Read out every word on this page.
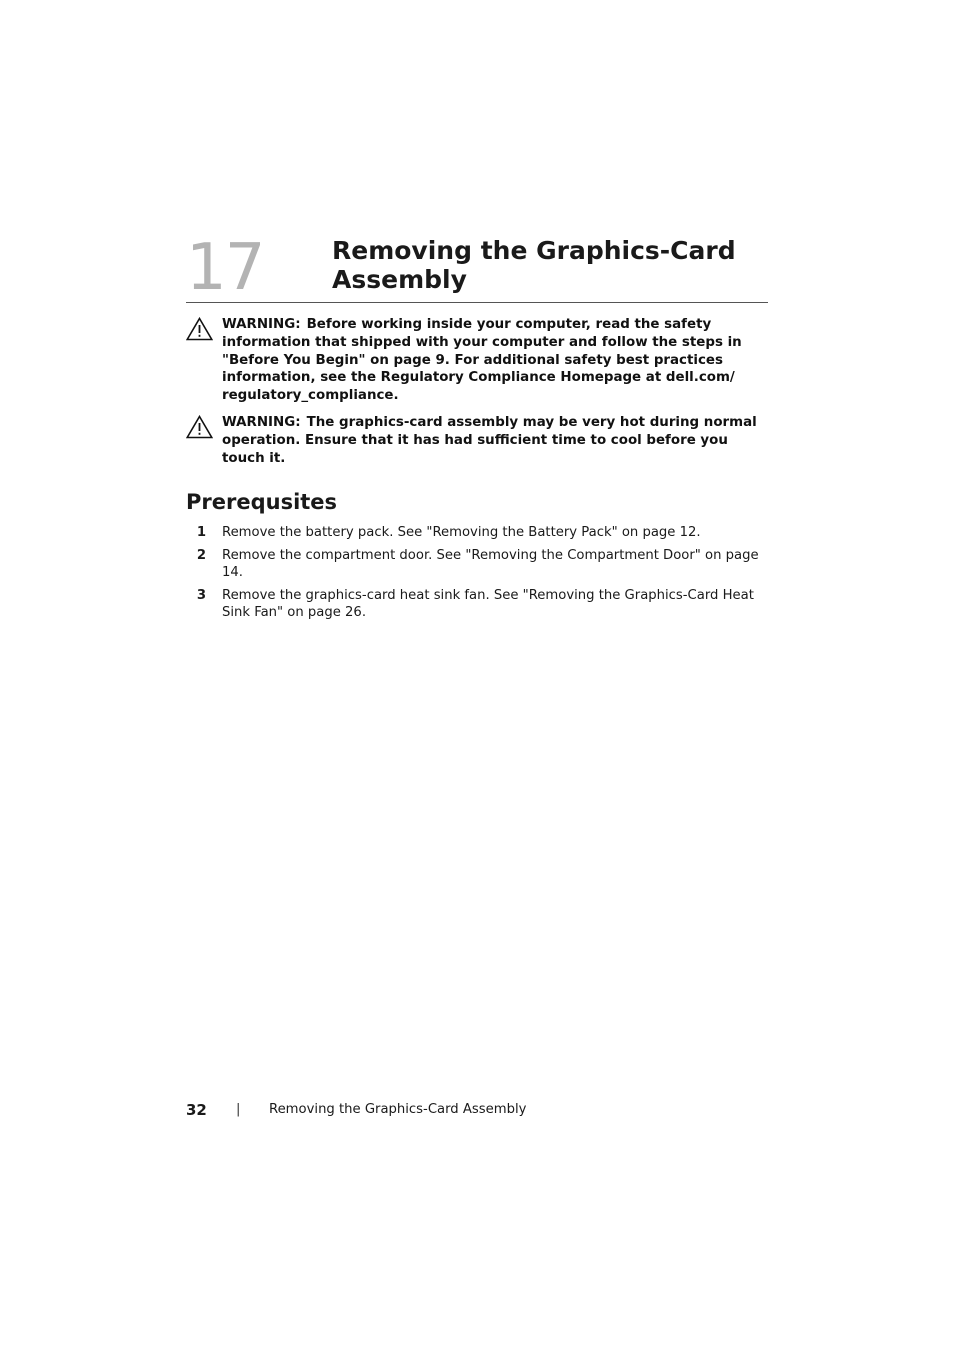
17	Removing the Graphics-Card Assembly
WARNING: Before working inside your computer, read the safety information that shipped with your computer and follow the steps in "Before You Begin" on page 9. For additional safety best practices information, see the Regulatory Compliance Homepage at dell.com/ regulatory_compliance.
WARNING: The graphics-card assembly may be very hot during normal operation. Ensure that it has had sufficient time to cool before you touch it.
Prerequsites
1 Remove the battery pack. See "Removing the Battery Pack" on page 12.
2 Remove the compartment door. See "Removing the Compartment Door" on page 14.
3 Remove the graphics-card heat sink fan. See "Removing the Graphics-Card Heat Sink Fan" on page 26.
32 | Removing the Graphics-Card Assembly
